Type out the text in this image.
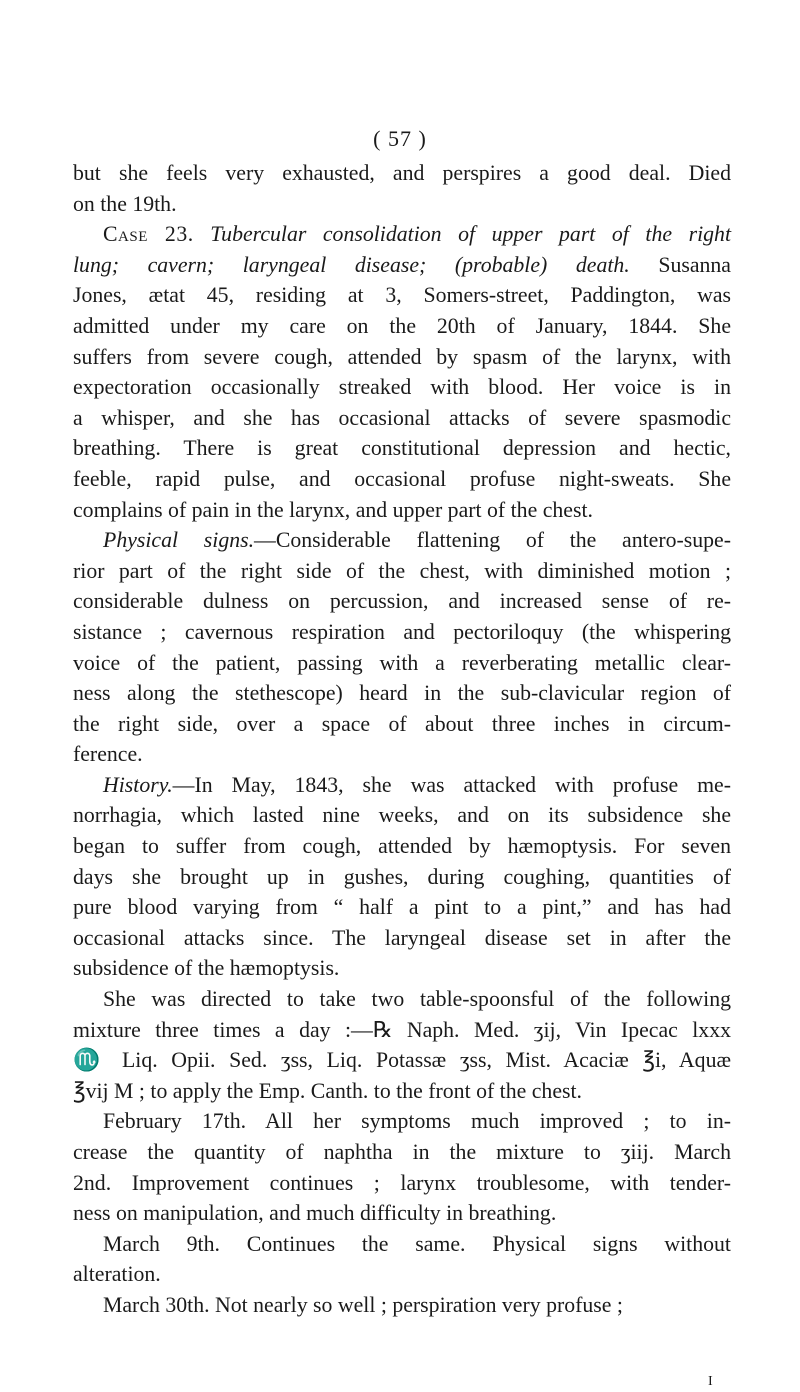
( 57 )
but she feels very exhausted, and perspires a good deal. Died
on the 19th.
Case 23. Tubercular consolidation of upper part of the right
lung; cavern; laryngeal disease; (probable) death. Susanna
Jones, ætat 45, residing at 3, Somers-street, Paddington, was
admitted under my care on the 20th of January, 1844. She
suffers from severe cough, attended by spasm of the larynx, with
expectoration occasionally streaked with blood. Her voice is in
a whisper, and she has occasional attacks of severe spasmodic
breathing. There is great constitutional depression and hectic,
feeble, rapid pulse, and occasional profuse night-sweats. She
complains of pain in the larynx, and upper part of the chest.
Physical signs.—Considerable flattening of the antero-supe-
rior part of the right side of the chest, with diminished motion ;
considerable dulness on percussion, and increased sense of re-
sistance ; cavernous respiration and pectoriloquy (the whispering
voice of the patient, passing with a reverberating metallic clear-
ness along the stethescope) heard in the sub-clavicular region of
the right side, over a space of about three inches in circum-
ference.
History.—In May, 1843, she was attacked with profuse me-
norrhagia, which lasted nine weeks, and on its subsidence she
began to suffer from cough, attended by hæmoptysis. For seven
days she brought up in gushes, during coughing, quantities of
pure blood varying from “ half a pint to a pint,” and has had
occasional attacks since. The laryngeal disease set in after the
subsidence of the hæmoptysis.
She was directed to take two table-spoonsful of the following
mixture three times a day :—℞ Naph. Med. ʒij, Vin Ipecac lxxx
♏ Liq. Opii. Sed. ʒss, Liq. Potassæ ʒss, Mist. Acaciæ ℥i, Aquæ
℥vij M ; to apply the Emp. Canth. to the front of the chest.
February 17th. All her symptoms much improved ; to in-
crease the quantity of naphtha in the mixture to ʒiij. March
2nd. Improvement continues ; larynx troublesome, with tender-
ness on manipulation, and much difficulty in breathing.
March 9th. Continues the same. Physical signs without
alteration.
March 30th. Not nearly so well ; perspiration very profuse ;
I
